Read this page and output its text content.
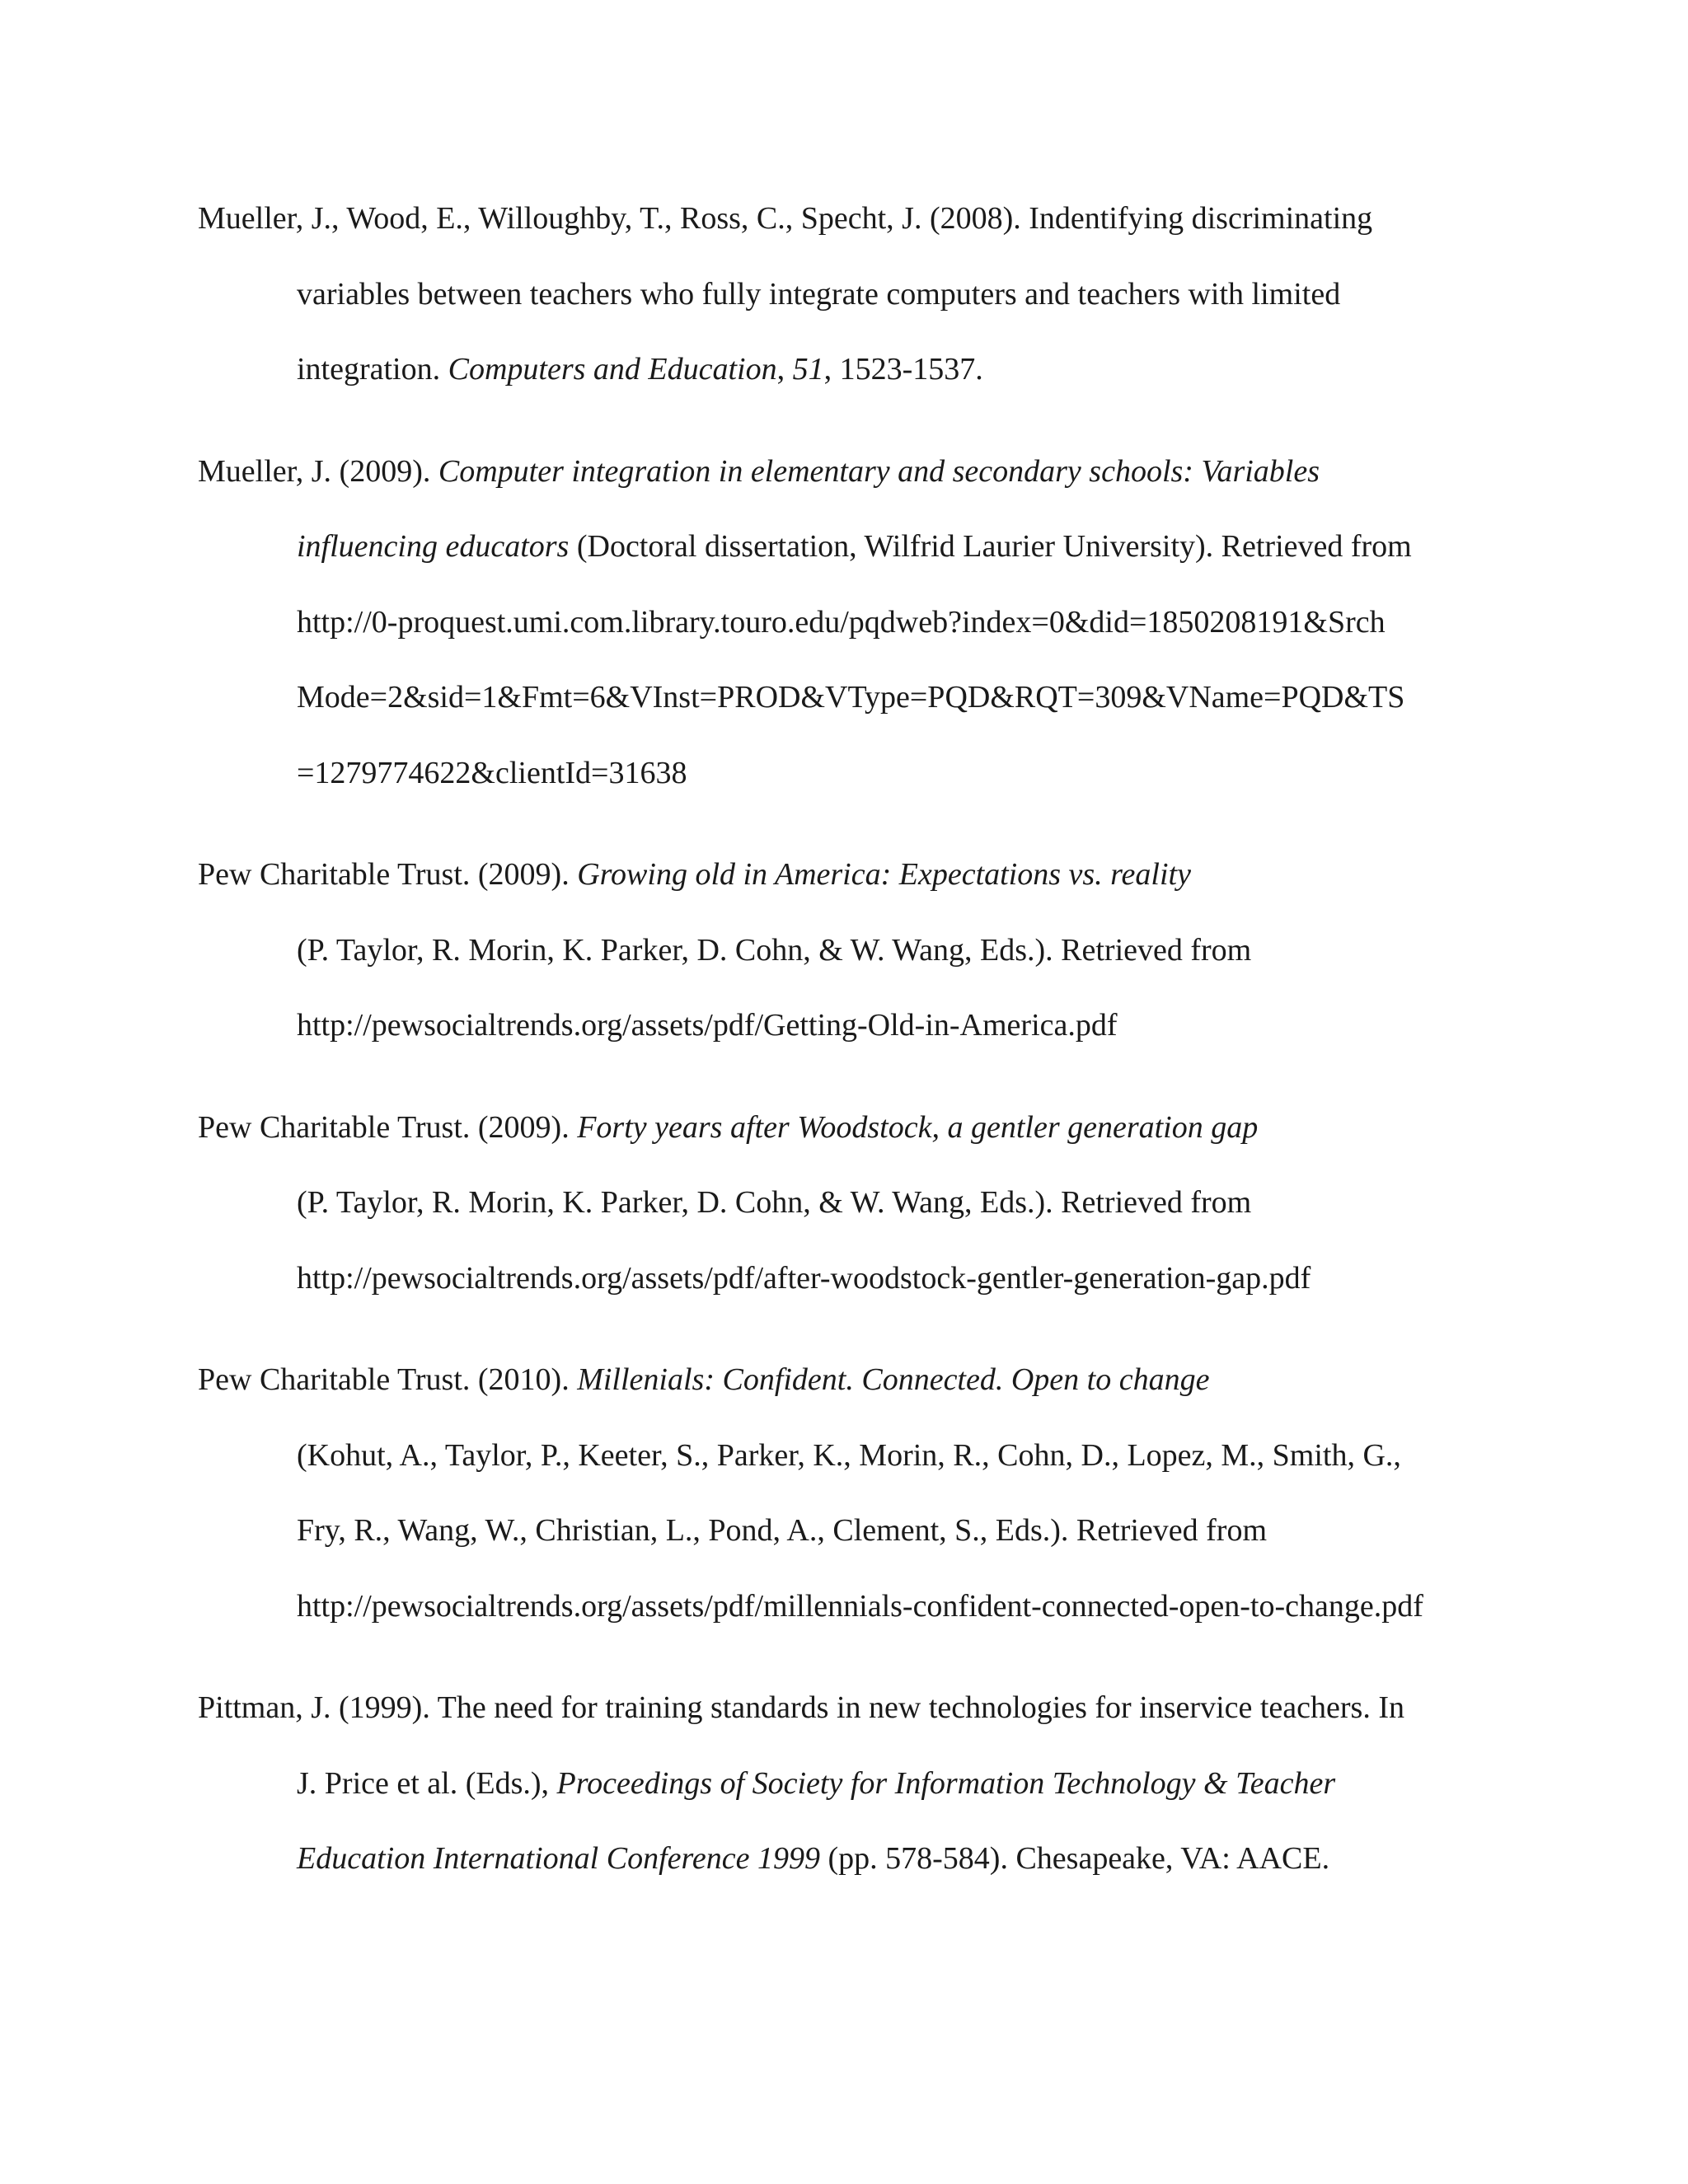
Mueller, J., Wood, E., Willoughby, T., Ross, C., Specht, J. (2008). Indentifying discriminating
variables between teachers who fully integrate computers and teachers with limited
integration. Computers and Education, 51, 1523-1537.
Mueller, J. (2009). Computer integration in elementary and secondary schools: Variables
influencing educators (Doctoral dissertation, Wilfrid Laurier University). Retrieved from
http://0-proquest.umi.com.library.touro.edu/pqdweb?index=0&did=1850208191&Srch
Mode=2&sid=1&Fmt=6&VInst=PROD&VType=PQD&RQT=309&VName=PQD&TS
=1279774622&clientId=31638
Pew Charitable Trust. (2009). Growing old in America: Expectations vs. reality
(P. Taylor, R. Morin, K. Parker, D. Cohn, & W. Wang, Eds.). Retrieved from
http://pewsocialtrends.org/assets/pdf/Getting-Old-in-America.pdf
Pew Charitable Trust. (2009). Forty years after Woodstock, a gentler generation gap
(P. Taylor, R. Morin, K. Parker, D. Cohn, & W. Wang, Eds.). Retrieved from
http://pewsocialtrends.org/assets/pdf/after-woodstock-gentler-generation-gap.pdf
Pew Charitable Trust. (2010). Millenials: Confident. Connected. Open to change
(Kohut, A., Taylor, P., Keeter, S., Parker, K., Morin, R., Cohn, D., Lopez, M., Smith, G.,
Fry, R., Wang, W., Christian, L., Pond, A., Clement, S., Eds.). Retrieved from
http://pewsocialtrends.org/assets/pdf/millennials-confident-connected-open-to-change.pdf
Pittman, J. (1999). The need for training standards in new technologies for inservice teachers. In
J. Price et al. (Eds.), Proceedings of Society for Information Technology & Teacher
Education International Conference 1999 (pp. 578-584). Chesapeake, VA: AACE.
